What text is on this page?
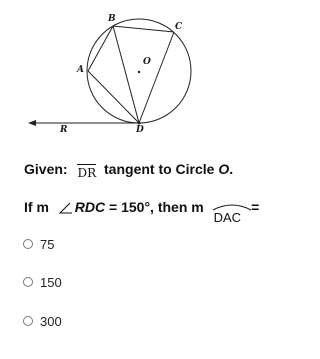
B
C
A
O
D
R
Given:
DR tangent to Circle O.
If m RDC = 150°, then m
DAC=
75
150
300
